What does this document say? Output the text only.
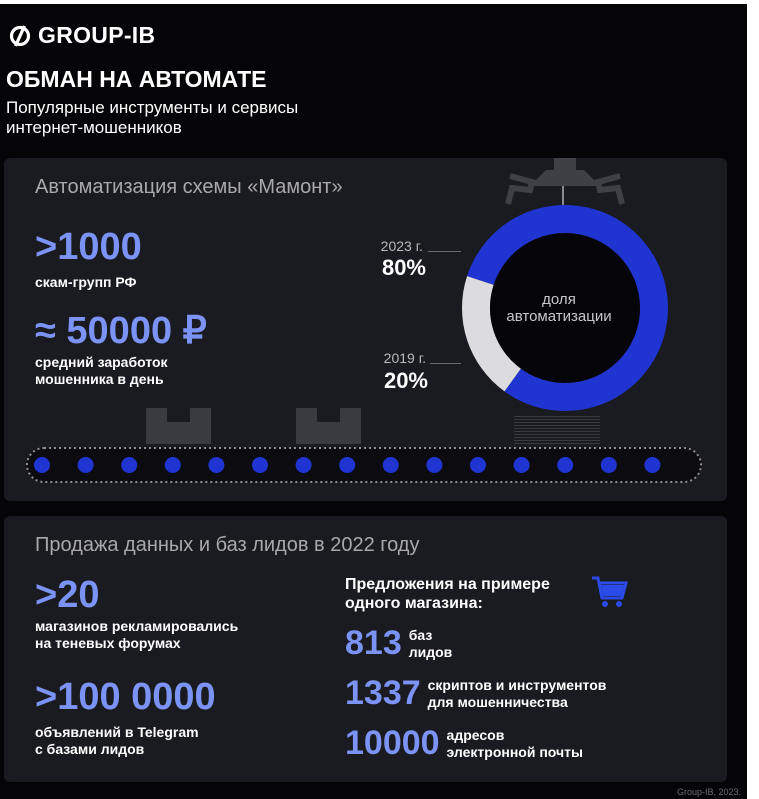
GROUP-IB
ОБМАН НА АВТОМАТЕ
Популярные инструменты и сервисы
интернет-мошенников
Автоматизация схемы «Мамонт»
>1000
скам-групп РФ
≈ 50000 ₽
средний заработок
мошенника в день
2023 г.
80%
2019 г.
20%
доля
автоматизации
Продажа данных и баз лидов в 2022 году
>20
магазинов рекламировались
на теневых форумах
>100 0000
объявлений в Telegram
с базами лидов
Предложения на примере
одного магазина:
813 баз
лидов
1337 скриптов и инструментов
для мошенничества
10000 адресов
электронной почты
Group-IB, 2023.
